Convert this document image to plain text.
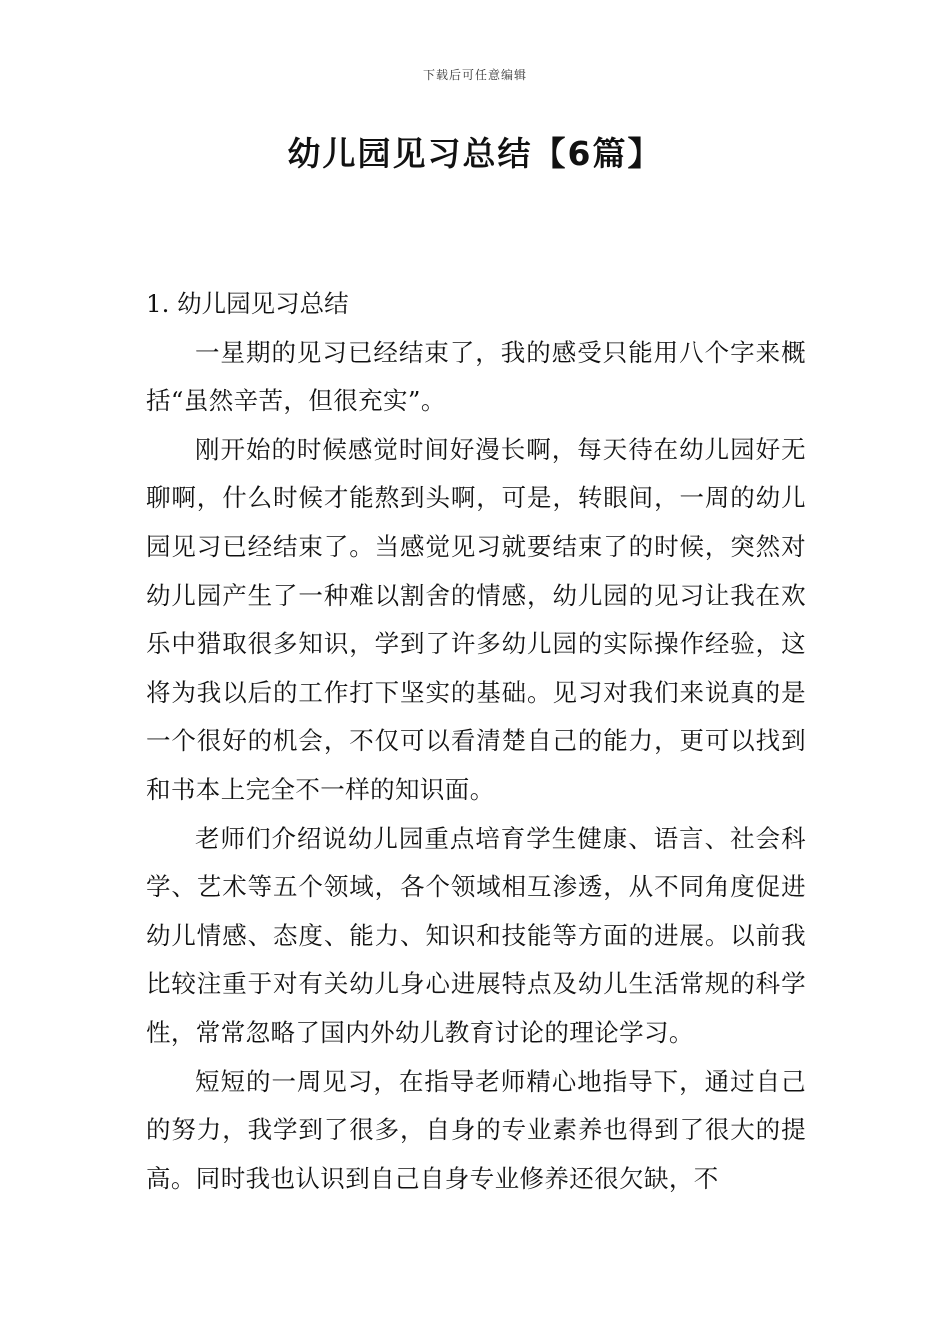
下载后可任意编辑
幼儿园见习总结【6篇】

1. 幼儿园见习总结

一星期的见习已经结束了，我的感受只能用八个字来概括“虽然辛苦，但很充实”。

刚开始的时候感觉时间好漫长啊，每天待在幼儿园好无聊啊，什么时候才能熬到头啊，可是，转眼间，一周的幼儿园见习已经结束了。当感觉见习就要结束了的时候，突然对幼儿园产生了一种难以割舍的情感，幼儿园的见习让我在欢乐中猎取很多知识，学到了许多幼儿园的实际操作经验，这将为我以后的工作打下坚实的基础。见习对我们来说真的是一个很好的机会，不仅可以看清楚自己的能力，更可以找到和书本上完全不一样的知识面。

老师们介绍说幼儿园重点培育学生健康、语言、社会科学、艺术等五个领域，各个领域相互渗透，从不同角度促进幼儿情感、态度、能力、知识和技能等方面的进展。以前我比较注重于对有关幼儿身心进展特点及幼儿生活常规的科学性，常常忽略了国内外幼儿教育讨论的理论学习。

短短的一周见习，在指导老师精心地指导下，通过自己的努力，我学到了很多，自身的专业素养也得到了很大的提高。同时我也认识到自己自身专业修养还很欠缺，不
